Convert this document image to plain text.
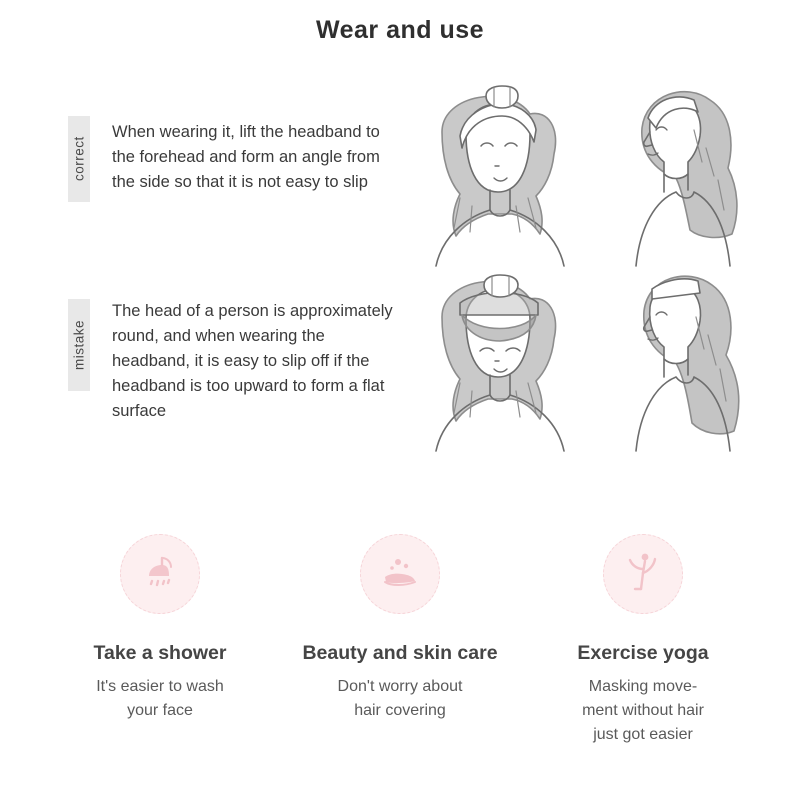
Wear and use
correct
When wearing it, lift the headband to the forehead and form an angle from the side so that it is not easy to slip
mistake
The head of a person is approximately round, and when wearing the headband, it is easy to slip off if the headband is too upward to form a flat surface
Take a shower
It's easier to wash
your face
Beauty and skin care
Don't worry about
hair covering
Exercise yoga
Masking move-
ment without hair
just got easier
